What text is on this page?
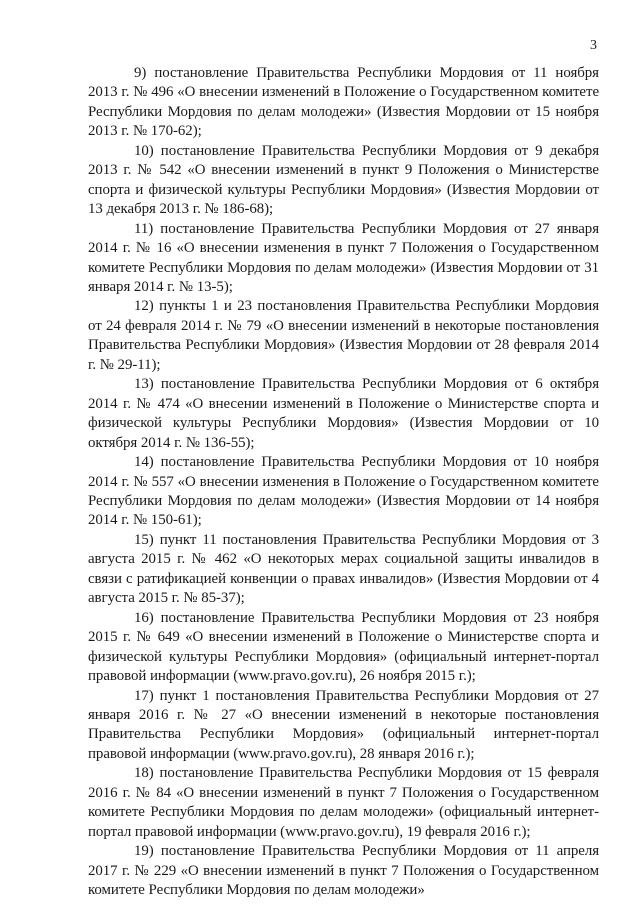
3

9) постановление Правительства Республики Мордовия от 11 ноября 2013 г. № 496 «О внесении изменений в Положение о Государственном комитете Республики Мордовия по делам молодежи» (Известия Мордовии от 15 ноября 2013 г. № 170-62);

10) постановление Правительства Республики Мордовия от 9 декабря 2013 г. № 542 «О внесении изменений в пункт 9 Положения о Министерстве спорта и физической культуры Республики Мордовия» (Известия Мордовии от 13 декабря 2013 г. № 186-68);

11) постановление Правительства Республики Мордовия от 27 января 2014 г. № 16 «О внесении изменения в пункт 7 Положения о Государственном комитете Республики Мордовия по делам молодежи» (Известия Мордовии от 31 января 2014 г. № 13-5);

12) пункты 1 и 23 постановления Правительства Республики Мордовия от 24 февраля 2014 г. № 79 «О внесении изменений в некоторые постановления Правительства Республики Мордовия» (Известия Мордовии от 28 февраля 2014 г. № 29-11);

13) постановление Правительства Республики Мордовия от 6 октября 2014 г. № 474 «О внесении изменений в Положение о Министерстве спорта и физической культуры Республики Мордовия» (Известия Мордовии от 10 октября 2014 г. № 136-55);

14) постановление Правительства Республики Мордовия от 10 ноября 2014 г. № 557 «О внесении изменения в Положение о Государственном комитете Республики Мордовия по делам молодежи» (Известия Мордовии от 14 ноября 2014 г. № 150-61);

15) пункт 11 постановления Правительства Республики Мордовия от 3 августа 2015 г. № 462 «О некоторых мерах социальной защиты инвалидов в связи с ратификацией конвенции о правах инвалидов» (Известия Мордовии от 4 августа 2015 г. № 85-37);

16) постановление Правительства Республики Мордовия от 23 ноября 2015 г. № 649 «О внесении изменений в Положение о Министерстве спорта и физической культуры Республики Мордовия» (официальный интернет-портал правовой информации (www.pravo.gov.ru), 26 ноября 2015 г.);

17) пункт 1 постановления Правительства Республики Мордовия от 27 января 2016 г. № 27 «О внесении изменений в некоторые постановления Правительства Республики Мордовия» (официальный интернет-портал правовой информации (www.pravo.gov.ru), 28 января 2016 г.);

18) постановление Правительства Республики Мордовия от 15 февраля 2016 г. № 84 «О внесении изменений в пункт 7 Положения о Государственном комитете Республики Мордовия по делам молодежи» (официальный интернет-портал правовой информации (www.pravo.gov.ru), 19 февраля 2016 г.);

19) постановление Правительства Республики Мордовия от 11 апреля 2017 г. № 229 «О внесении изменений в пункт 7 Положения о Государственном комитете Республики Мордовия по делам молодежи»
